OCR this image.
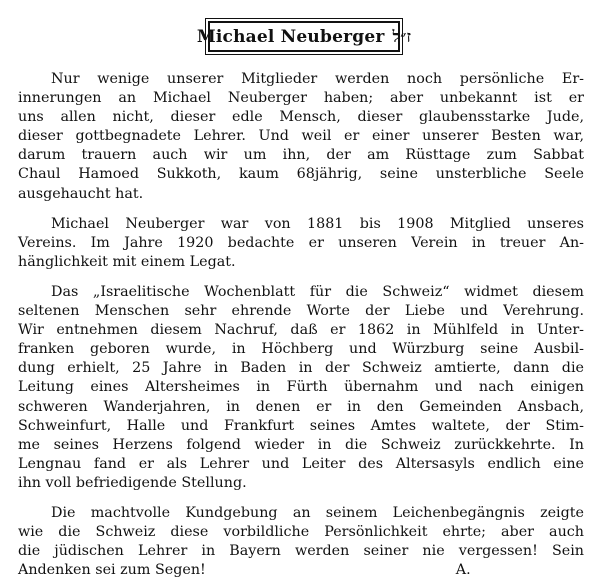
Michael Neuberger ז״ל
Nur wenige unserer Mitglieder werden noch persönliche Er-
innerungen an Michael Neuberger haben; aber unbekannt ist er
uns allen nicht, dieser edle Mensch, dieser glaubensstarke Jude,
dieser gottbegnadete Lehrer. Und weil er einer unserer Besten war,
darum trauern auch wir um ihn, der am Rüsttage zum Sabbat
Chaul Hamoed Sukkoth, kaum 68jährig, seine unsterbliche Seele
ausgehaucht hat.
Michael Neuberger war von 1881 bis 1908 Mitglied unseres
Vereins. Im Jahre 1920 bedachte er unseren Verein in treuer An-
hänglichkeit mit einem Legat.
Das „Israelitische Wochenblatt für die Schweiz“ widmet diesem
seltenen Menschen sehr ehrende Worte der Liebe und Verehrung.
Wir entnehmen diesem Nachruf, daß er 1862 in Mühlfeld in Unter-
franken geboren wurde, in Höchberg und Würzburg seine Ausbil-
dung erhielt, 25 Jahre in Baden in der Schweiz amtierte, dann die
Leitung eines Altersheimes in Fürth übernahm und nach einigen
schweren Wanderjahren, in denen er in den Gemeinden Ansbach,
Schweinfurt, Halle und Frankfurt seines Amtes waltete, der Stim-
me seines Herzens folgend wieder in die Schweiz zurückkehrte. In
Lengnau fand er als Lehrer und Leiter des Altersasyls endlich eine
ihn voll befriedigende Stellung.
Die machtvolle Kundgebung an seinem Leichenbegängnis zeigte
wie die Schweiz diese vorbildliche Persönlichkeit ehrte; aber auch
die jüdischen Lehrer in Bayern werden seiner nie vergessen! Sein
Andenken sei zum Segen!                                                       A.
